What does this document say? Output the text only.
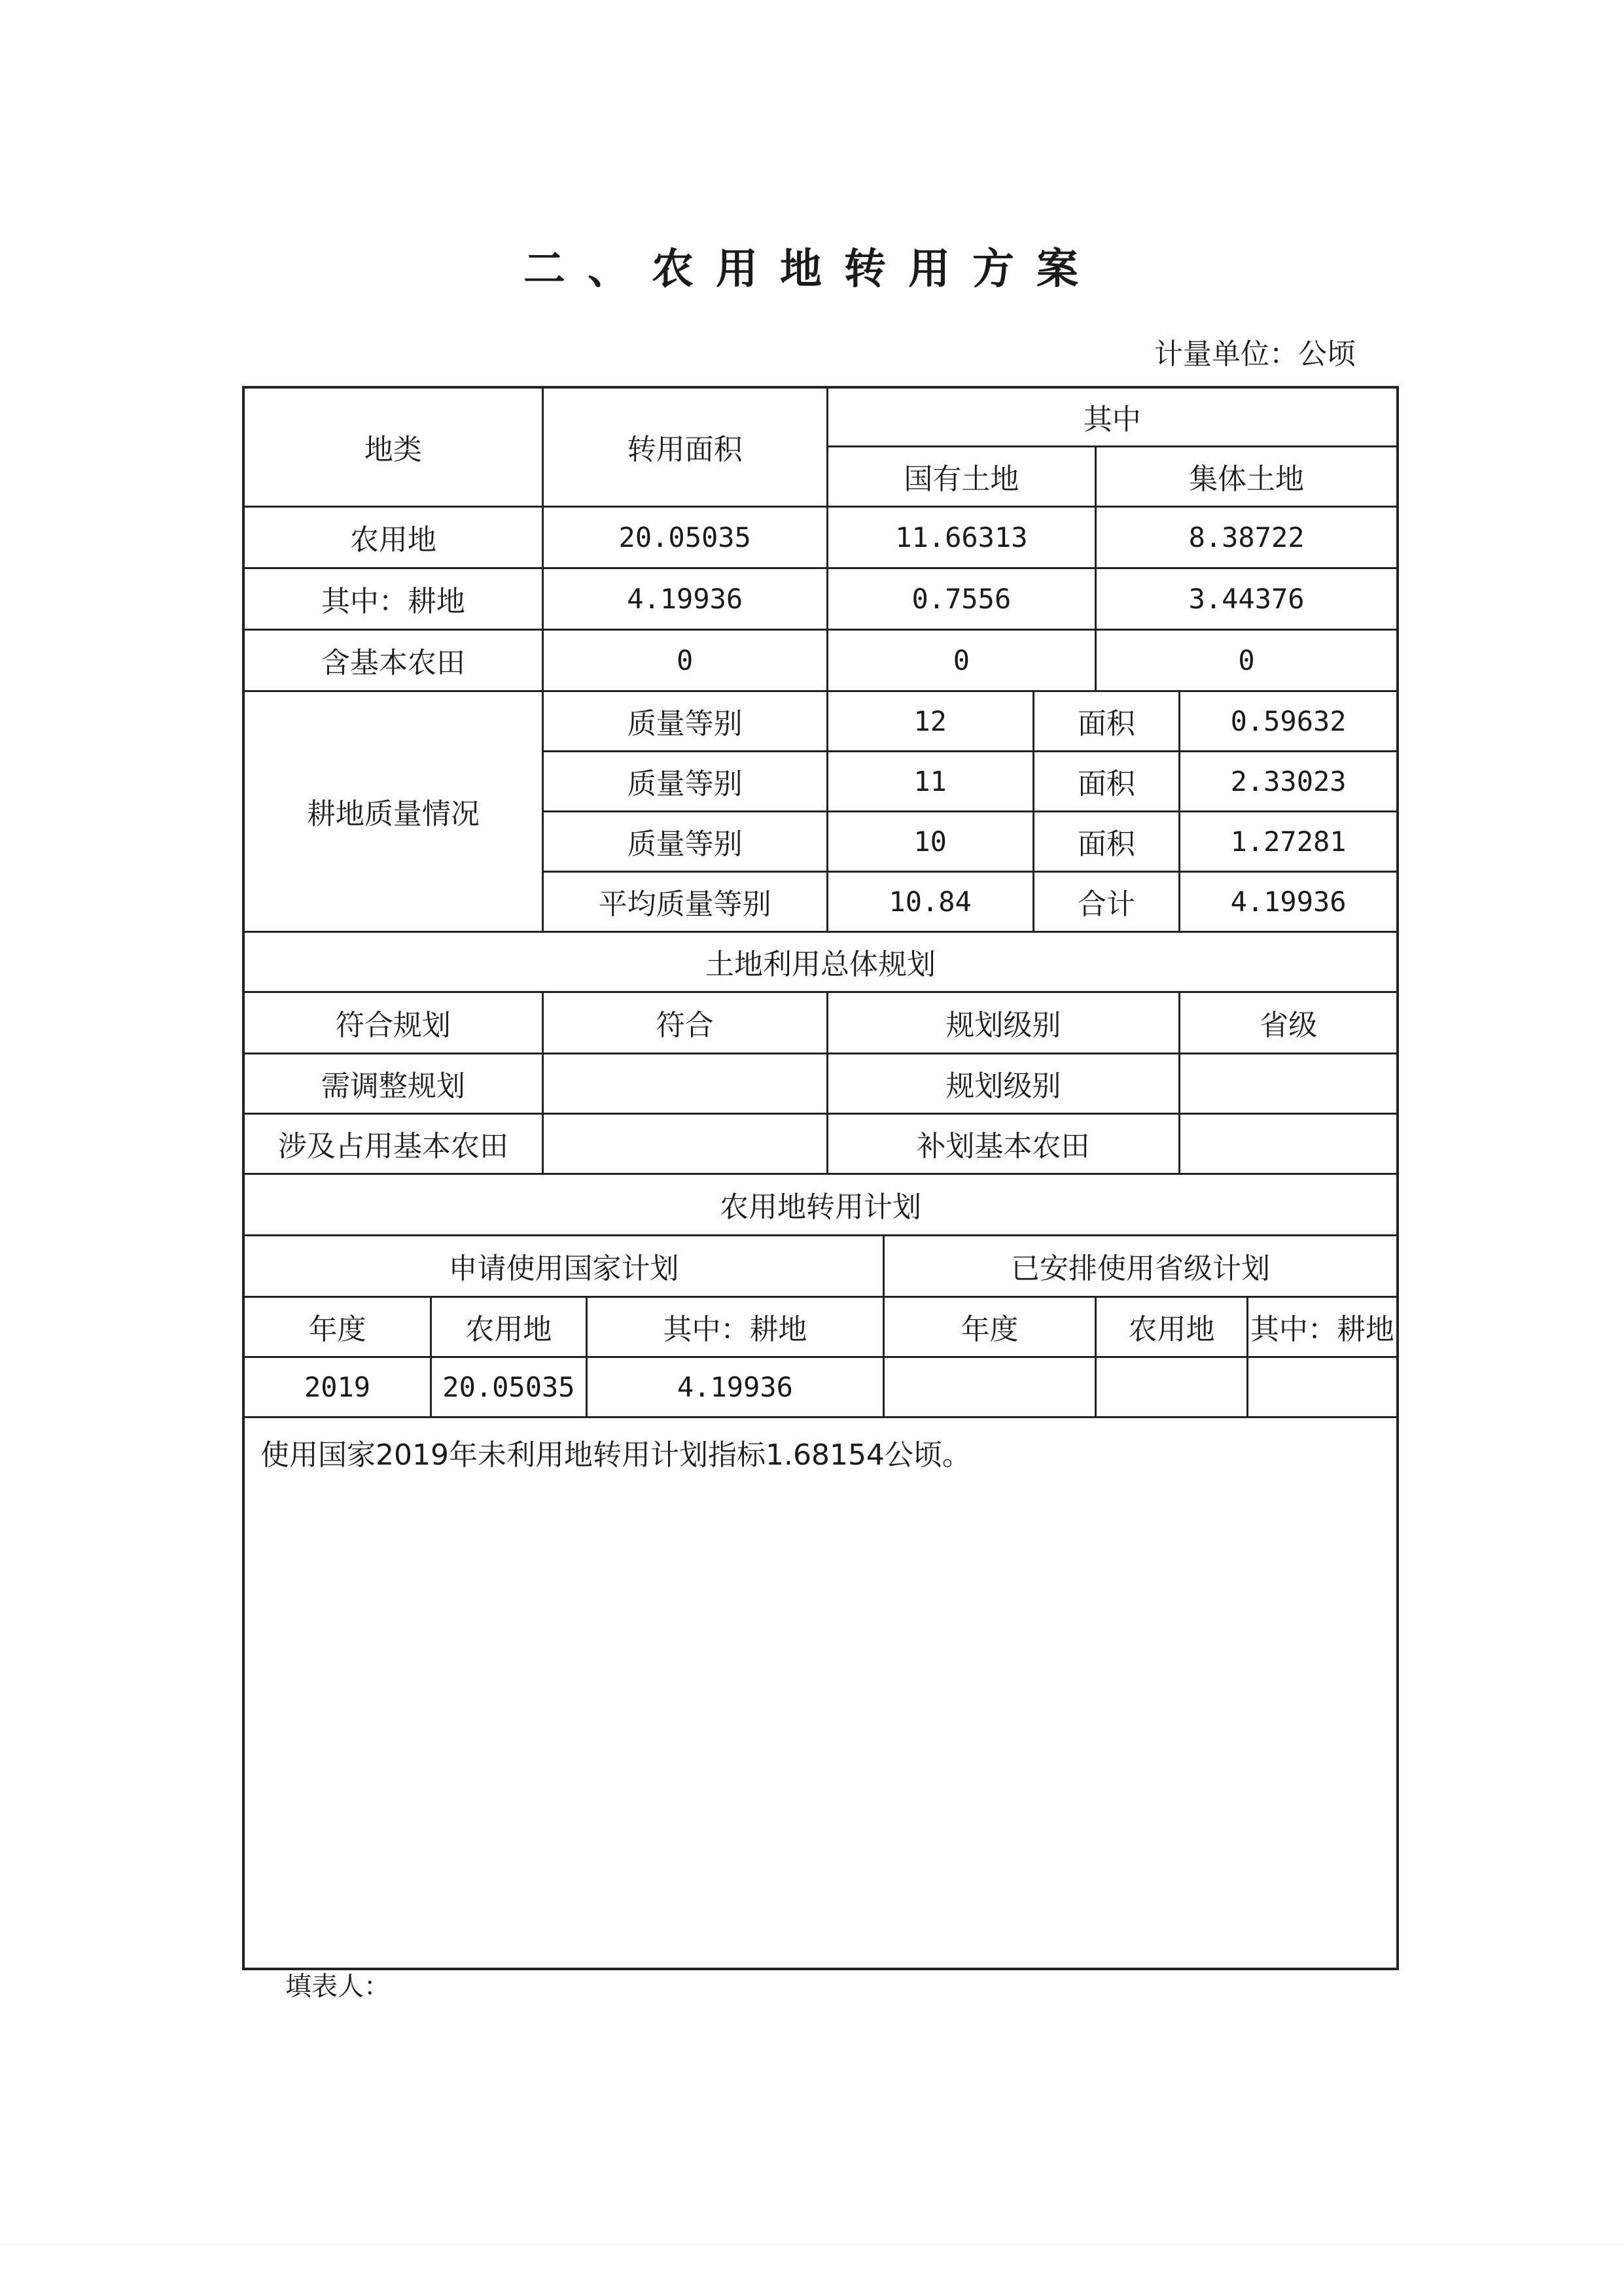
二、农用地转用方案
计量单位：公顷
地类		转用面积		其中					
				国有土地			集体土地		
农用地		20.05035		11.66313			8.38722		
其中：耕地		4.19936		0.7556			3.44376		
含基本农田		0		0			0		
耕地质量情况		质量等别		12		面积		0.59632	
		质量等别		11		面积		2.33023	
		质量等别		10		面积		1.27281	
		平均质量等别		10.84		合计		4.19936	
土地利用总体规划									
符合规划		符合		规划级别				省级	
需调整规划				规划级别					
涉及占用基本农田				补划基本农田					
农用地转用计划									
申请使用国家计划					已安排使用省级计划				
年度	农用地		其中：耕地		年度		农用地		其中：耕地
2019	20.05035		4.19936						
使用国家2019年未利用地转用计划指标1.68154公顷。									
填表人：
